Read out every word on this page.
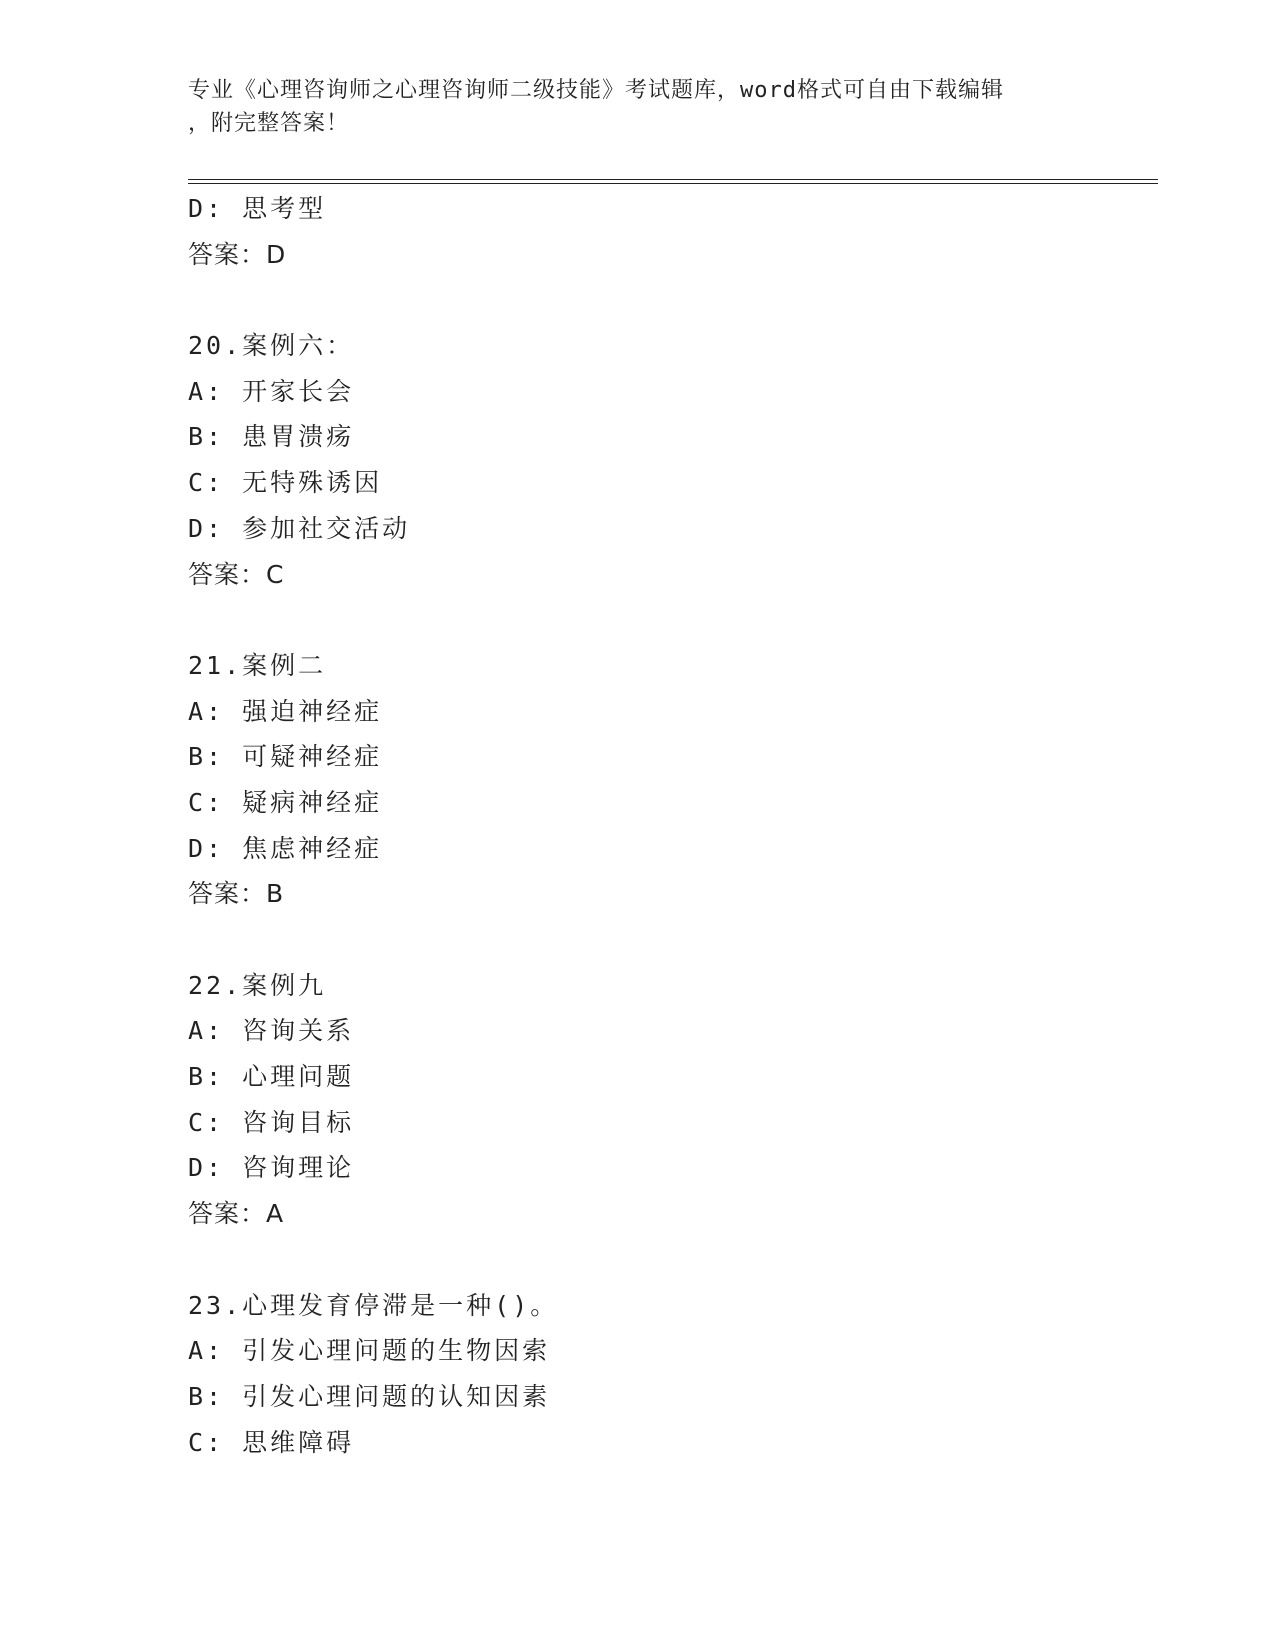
专业《心理咨询师之心理咨询师二级技能》考试题库，word格式可自由下载编辑
，附完整答案！
D: 思考型
答案：D
20.案例六：
A: 开家长会
B: 患胃溃疡
C: 无特殊诱因
D: 参加社交活动
答案：C
21.案例二
A: 强迫神经症
B: 可疑神经症
C: 疑病神经症
D: 焦虑神经症
答案：B
22.案例九
A: 咨询关系
B: 心理问题
C: 咨询目标
D: 咨询理论
答案：A
23.心理发育停滞是一种()。
A: 引发心理问题的生物因索
B: 引发心理问题的认知因素
C: 思维障碍
